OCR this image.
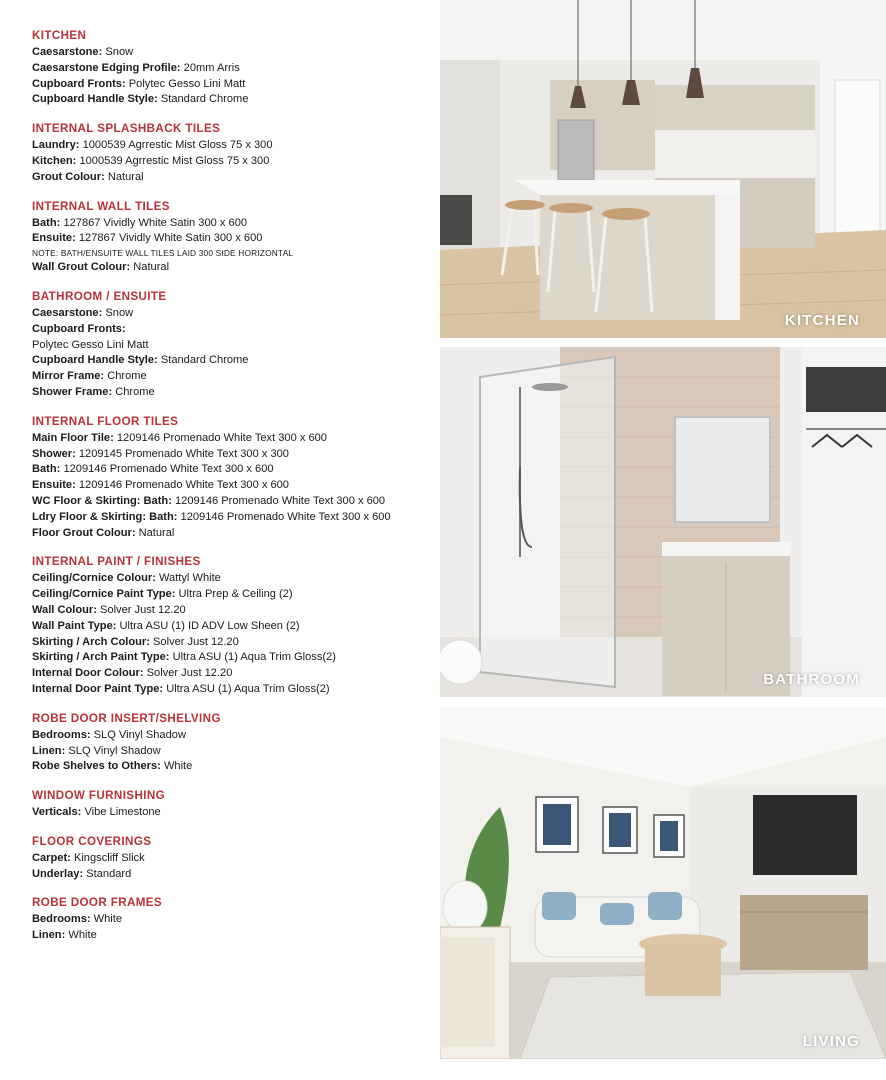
KITCHEN
Caesarstone: Snow
Caesarstone Edging Profile: 20mm Arris
Cupboard Fronts: Polytec Gesso Lini Matt
Cupboard Handle Style: Standard Chrome
INTERNAL SPLASHBACK TILES
Laundry: 1000539 Agrrestic Mist Gloss 75 x 300
Kitchen: 1000539 Agrrestic Mist Gloss 75 x 300
Grout Colour: Natural
INTERNAL WALL TILES
Bath: 127867 Vividly White Satin 300 x 600
Ensuite: 127867 Vividly White Satin 300 x 600
NOTE: BATH/ENSUITE WALL TILES LAID 300 SIDE HORIZONTAL
Wall Grout Colour: Natural
BATHROOM / ENSUITE
Caesarstone: Snow
Cupboard Fronts:
Polytec Gesso Lini Matt
Cupboard Handle Style: Standard Chrome
Mirror Frame: Chrome
Shower Frame: Chrome
INTERNAL FLOOR TILES
Main Floor Tile: 1209146 Promenado White Text 300 x 600
Shower: 1209145 Promenado White Text 300 x 300
Bath: 1209146 Promenado White Text 300 x 600
Ensuite: 1209146 Promenado White Text 300 x 600
WC Floor & Skirting: Bath: 1209146 Promenado White Text 300 x 600
Ldry Floor & Skirting: Bath: 1209146 Promenado White Text 300 x 600
Floor Grout Colour: Natural
INTERNAL PAINT / FINISHES
Ceiling/Cornice Colour: Wattyl White
Ceiling/Cornice Paint Type: Ultra Prep & Ceiling (2)
Wall Colour: Solver Just 12.20
Wall Paint Type: Ultra ASU (1) ID ADV Low Sheen (2)
Skirting / Arch Colour: Solver Just 12.20
Skirting / Arch Paint Type: Ultra ASU (1) Aqua Trim Gloss(2)
Internal Door Colour: Solver Just 12.20
Internal Door Paint Type: Ultra ASU (1) Aqua Trim Gloss(2)
ROBE DOOR INSERT/SHELVING
Bedrooms: SLQ Vinyl Shadow
Linen: SLQ Vinyl Shadow
Robe Shelves to Others: White
WINDOW FURNISHING
Verticals: Vibe Limestone
FLOOR COVERINGS
Carpet: Kingscliff Slick
Underlay: Standard
ROBE DOOR FRAMES
Bedrooms: White
Linen: White
KITCHEN
BATHROOM
LIVING
